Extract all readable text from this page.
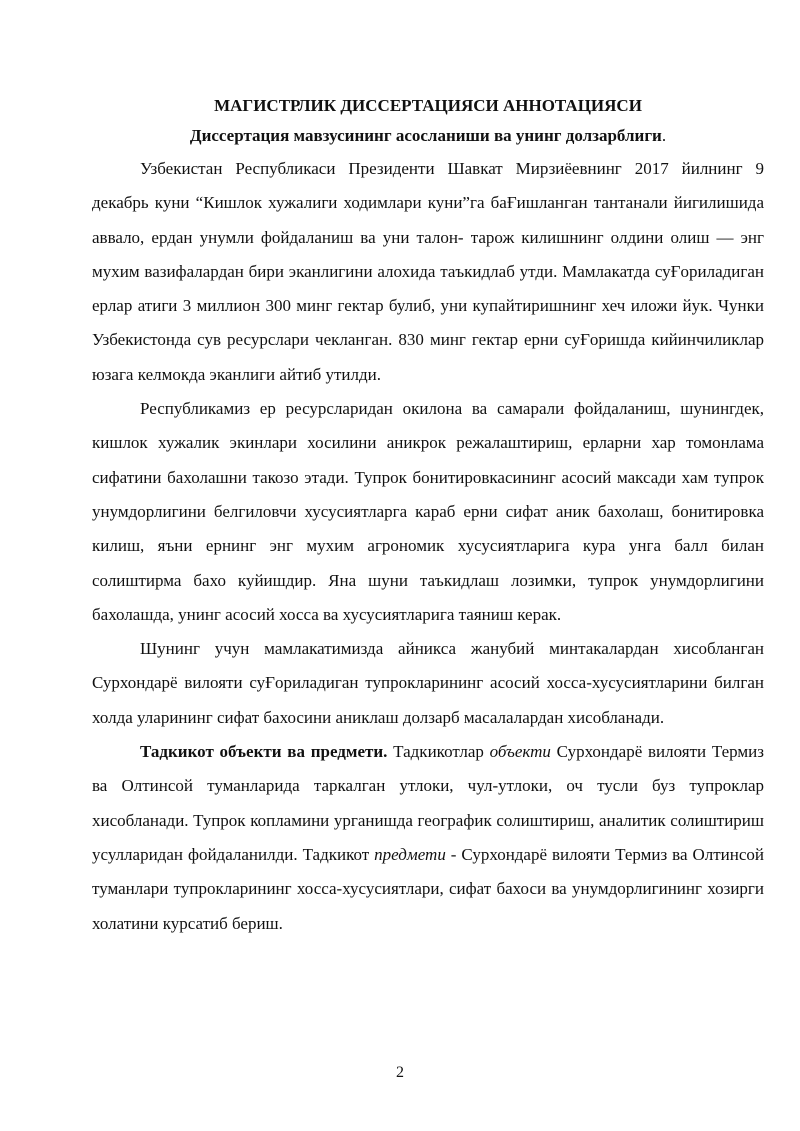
МАГИСТРЛИК ДИССЕРТАЦИЯСИ АННОТАЦИЯСИ

Диссертация мавзусининг асосланиши ва унинг долзарблиги.

Узбекистан Республикаси Президенти Шавкат Мирзиёевнинг 2017 йилнинг 9 декабрь куни “Кишлок хужалиги ходимлари куни”га баҒишланган тантанали йигилишида аввало, ердан унумли фойдаланиш ва уни талон- тарож килишнинг олдини олиш — энг мухим вазифалардан бири эканлигини алохида таъкидлаб утди. Мамлакатда суҒориладиган ерлар атиги 3 миллион 300 минг гектар булиб, уни купайтиришнинг хеч иложи йук. Чунки Узбекистонда сув ресурслари чекланган. 830 минг гектар ерни суҒоришда кийинчиликлар юзага келмокда эканлиги айтиб утилди.

Республикамиз ер ресурсларидан окилона ва самарали фойдаланиш, шунингдек, кишлок хужалик экинлари хосилини аникрок режалаштириш, ерларни хар томонлама сифатини бахолашни такозо этади. Тупрок бонитировкасининг асосий максади хам тупрок унумдорлигини белгиловчи хусусиятларга караб ерни сифат аник бахолаш, бонитировка килиш, яъни ернинг энг мухим агрономик хусусиятларига кура унга балл билан солиштирма бахо куйишдир. Яна шуни таъкидлаш лозимки, тупрок унумдорлигини бахолашда, унинг асосий хосса ва хусусиятларига таяниш керак.

Шунинг учун мамлакатимизда айникса жанубий минтакалардан хисобланган Сурхондарё вилояти суҒориладиган тупрокларининг асосий хосса-хусусиятларини билган холда уларининг сифат бахосини аниклаш долзарб масалалардан хисобланади.

Тадкикот объекти ва предмети. Тадкикотлар объекти Сурхондарё вилояти Термиз ва Олтинсой туманларида таркалган утлоки, чул-утлоки, оч тусли буз тупроклар хисобланади. Тупрок копламини урганишда географик солиштириш, аналитик солиштириш усулларидан фойдаланилди. Тадкикот предмети - Сурхондарё вилояти Термиз ва Олтинсой туманлари тупрокларининг хосса-хусусиятлари, сифат бахоси ва унумдорлигининг хозирги холатини курсатиб бериш.

2
